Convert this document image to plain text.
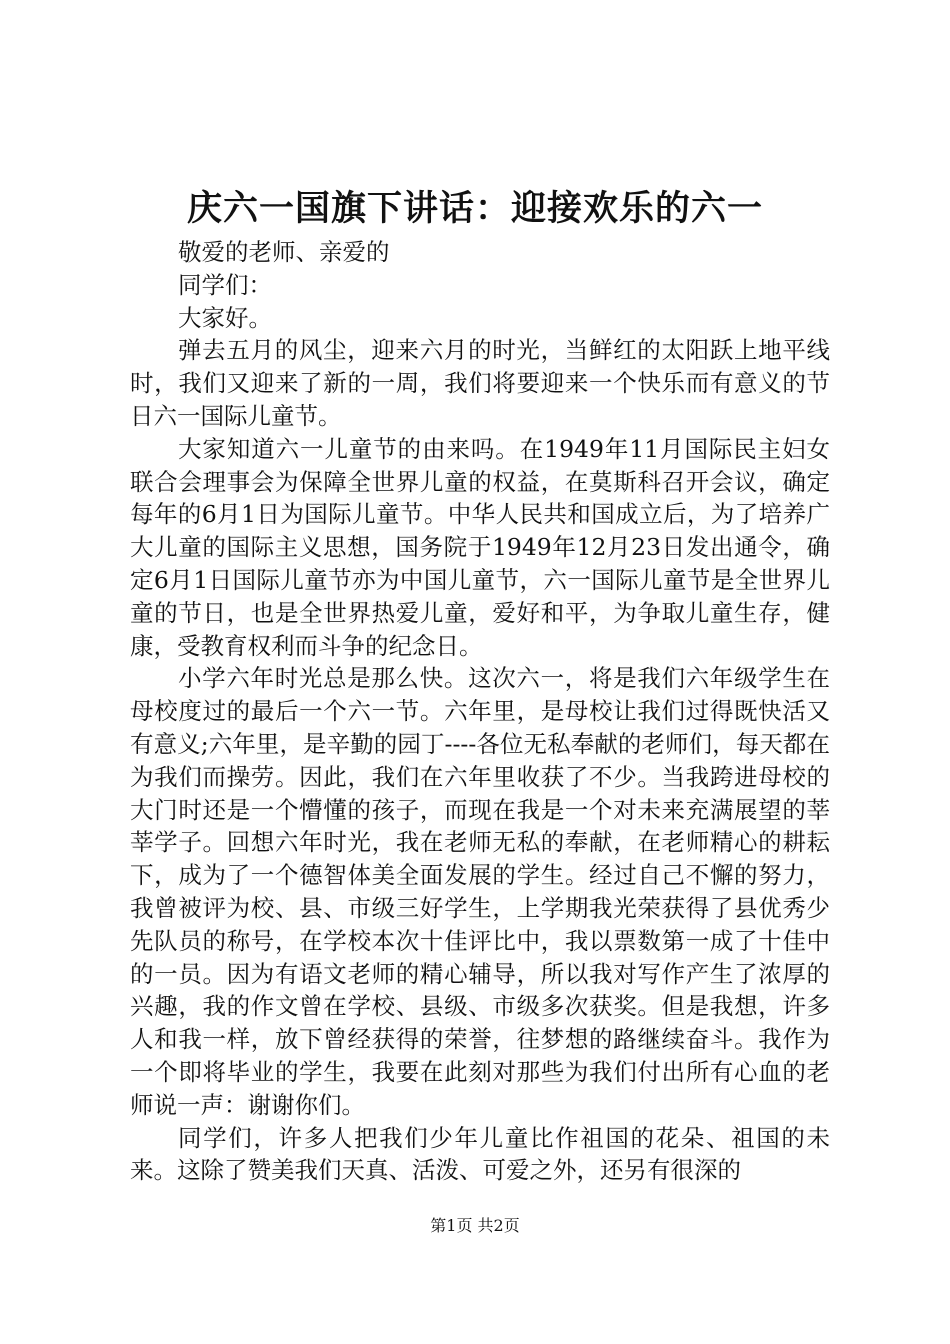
庆六一国旗下讲话：迎接欢乐的六一

敬爱的老师、亲爱的

同学们：

大家好。

弹去五月的风尘，迎来六月的时光，当鲜红的太阳跃上地平线时，我们又迎来了新的一周，我们将要迎来一个快乐而有意义的节日六一国际儿童节。

大家知道六一儿童节的由来吗。在1949年11月国际民主妇女联合会理事会为保障全世界儿童的权益，在莫斯科召开会议，确定每年的6月1日为国际儿童节。中华人民共和国成立后，为了培养广大儿童的国际主义思想，国务院于1949年12月23日发出通令，确定6月1日国际儿童节亦为中国儿童节，六一国际儿童节是全世界儿童的节日，也是全世界热爱儿童，爱好和平，为争取儿童生存，健康，受教育权利而斗争的纪念日。

小学六年时光总是那么快。这次六一，将是我们六年级学生在母校度过的最后一个六一节。六年里，是母校让我们过得既快活又有意义;六年里，是辛勤的园丁----各位无私奉献的老师们，每天都在为我们而操劳。因此，我们在六年里收获了不少。当我跨进母校的大门时还是一个懵懂的孩子，而现在我是一个对未来充满展望的莘莘学子。回想六年时光，我在老师无私的奉献，在老师精心的耕耘下，成为了一个德智体美全面发展的学生。经过自己不懈的努力，我曾被评为校、县、市级三好学生，上学期我光荣获得了县优秀少先队员的称号，在学校本次十佳评比中，我以票数第一成了十佳中的一员。因为有语文老师的精心辅导，所以我对写作产生了浓厚的兴趣，我的作文曾在学校、县级、市级多次获奖。但是我想，许多人和我一样，放下曾经获得的荣誉，往梦想的路继续奋斗。我作为一个即将毕业的学生，我要在此刻对那些为我们付出所有心血的老师说一声：谢谢你们。

同学们，许多人把我们少年儿童比作祖国的花朵、祖国的未来。这除了赞美我们天真、活泼、可爱之外，还另有很深的

第1页 共2页
